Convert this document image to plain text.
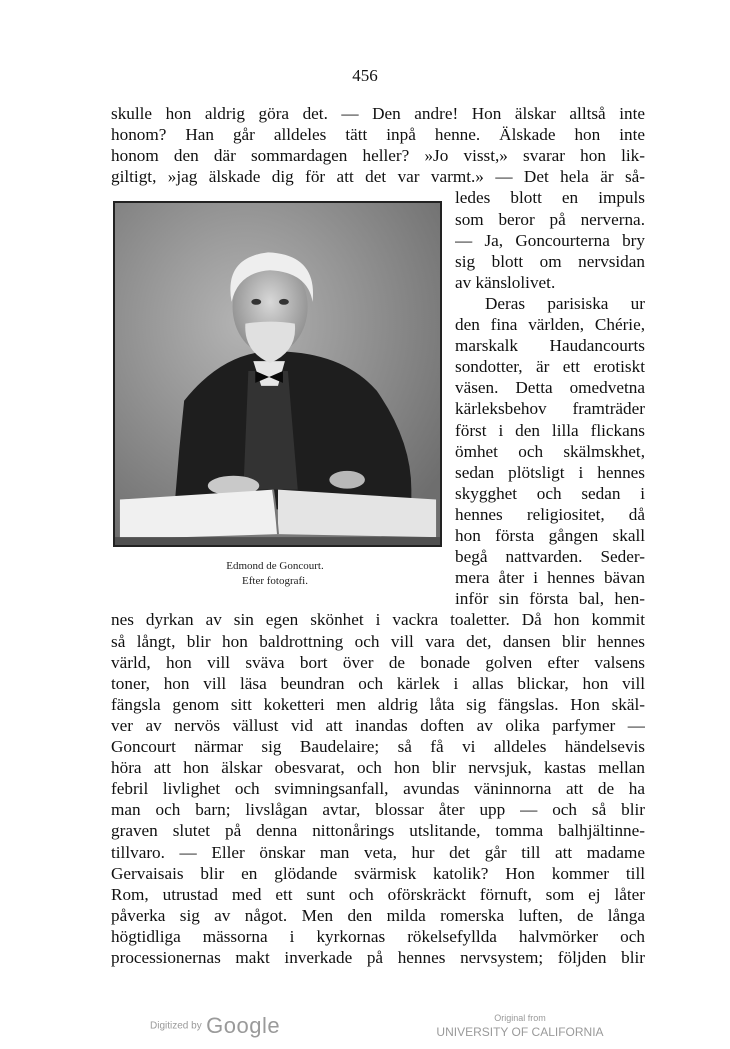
456
skulle hon aldrig göra det. — Den andre! Hon älskar alltså inte
honom? Han går alldeles tätt inpå henne. Älskade hon inte
honom den där sommardagen heller? »Jo visst,» svarar hon lik-
giltigt, »jag älskade dig för att det var varmt.» — Det hela är så-
ledes blott en impuls
som beror på nerverna.
— Ja, Goncourterna bry
sig blott om nervsidan
av känslolivet.
Deras parisiska ur
den fina världen, Chérie,
marskalk Haudancourts
sondotter, är ett erotiskt
väsen. Detta omedvetna
kärleksbehov framträder
först i den lilla flickans
ömhet och skälmskhet,
sedan plötsligt i hennes
skygghet och sedan i
hennes religiositet, då
hon första gången skall
begå nattvarden. Seder-
mera åter i hennes bävan
inför sin första bal, hen-
nes dyrkan av sin egen skönhet i vackra toaletter. Då hon kommit
så långt, blir hon baldrottning och vill vara det, dansen blir hennes
värld, hon vill sväva bort över de bonade golven efter valsens
toner, hon vill läsa beundran och kärlek i allas blickar, hon vill
fängsla genom sitt koketteri men aldrig låta sig fängslas. Hon skäl-
ver av nervös vällust vid att inandas doften av olika parfymer —
Goncourt närmar sig Baudelaire; så få vi alldeles händelsevis
höra att hon älskar obesvarat, och hon blir nervsjuk, kastas mellan
febril livlighet och svimningsanfall, avundas väninnorna att de ha
man och barn; livslågan avtar, blossar åter upp — och så blir
graven slutet på denna nittonårings utslitande, tomma balhjältinne-
tillvaro. — Eller önskar man veta, hur det går till att madame
Gervaisais blir en glödande svärmisk katolik? Hon kommer till
Rom, utrustad med ett sunt och oförskräckt förnuft, som ej låter
påverka sig av något. Men den milda romerska luften, de långa
högtidliga mässorna i kyrkornas rökelsefyllda halvmörker och
processionernas makt inverkade på hennes nervsystem; följden blir
Edmond de Goncourt.
Efter fotografi.
Digitized by Google	Original from
UNIVERSITY OF CALIFORNIA
